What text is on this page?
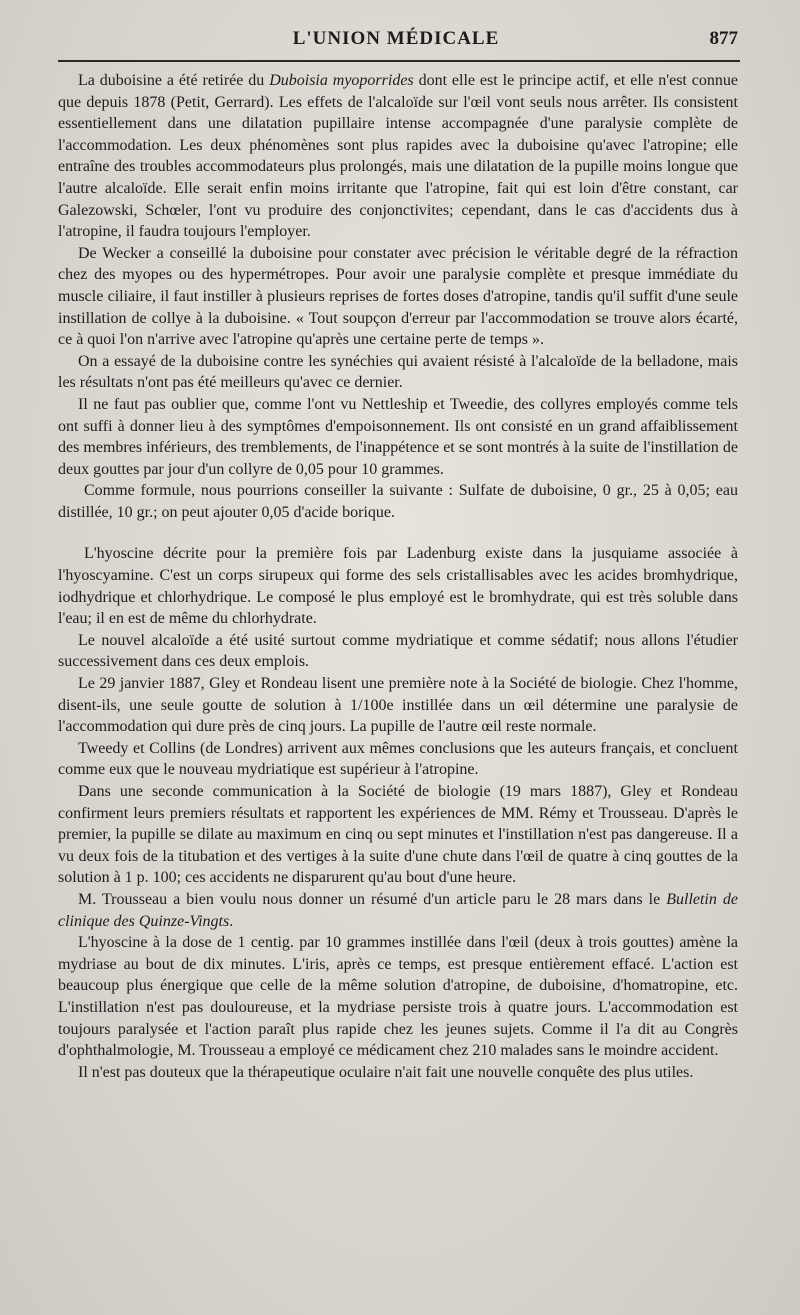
L'UNION MÉDICALE	877

La duboisine a été retirée du Duboisia myoporrides dont elle est le principe actif, et elle n'est connue que depuis 1878 (Petit, Gerrard). Les effets de l'alcaloïde sur l'œil vont seuls nous arrêter. Ils consistent essentiellement dans une dilatation pupillaire intense accompagnée d'une paralysie complète de l'accommodation. Les deux phénomènes sont plus rapides avec la duboisine qu'avec l'atropine; elle entraîne des troubles accommodateurs plus prolongés, mais une dilatation de la pupille moins longue que l'autre alcaloïde. Elle serait enfin moins irritante que l'atropine, fait qui est loin d'être constant, car Galezowski, Schœler, l'ont vu produire des conjonctivites; cependant, dans le cas d'accidents dus à l'atropine, il faudra toujours l'employer.

De Wecker a conseillé la duboisine pour constater avec précision le véritable degré de la réfraction chez des myopes ou des hypermétropes. Pour avoir une paralysie complète et presque immédiate du muscle ciliaire, il faut instiller à plusieurs reprises de fortes doses d'atropine, tandis qu'il suffit d'une seule instillation de collye à la duboisine. « Tout soupçon d'erreur par l'accommodation se trouve alors écarté, ce à quoi l'on n'arrive avec l'atropine qu'après une certaine perte de temps ».

On a essayé de la duboisine contre les synéchies qui avaient résisté à l'alcaloïde de la belladone, mais les résultats n'ont pas été meilleurs qu'avec ce dernier.

Il ne faut pas oublier que, comme l'ont vu Nettleship et Tweedie, des collyres employés comme tels ont suffi à donner lieu à des symptômes d'empoisonnement. Ils ont consisté en un grand affaiblissement des membres inférieurs, des tremblements, de l'inappétence et se sont montrés à la suite de l'instillation de deux gouttes par jour d'un collyre de 0,05 pour 10 grammes.

Comme formule, nous pourrions conseiller la suivante : Sulfate de duboisine, 0 gr., 25 à 0,05; eau distillée, 10 gr.; on peut ajouter 0,05 d'acide borique.

L'hyoscine décrite pour la première fois par Ladenburg existe dans la jusquiame associée à l'hyoscyamine. C'est un corps sirupeux qui forme des sels cristallisables avec les acides bromhydrique, iodhydrique et chlorhydrique. Le composé le plus employé est le bromhydrate, qui est très soluble dans l'eau; il en est de même du chlorhydrate.

Le nouvel alcaloïde a été usité surtout comme mydriatique et comme sédatif; nous allons l'étudier successivement dans ces deux emplois.

Le 29 janvier 1887, Gley et Rondeau lisent une première note à la Société de biologie. Chez l'homme, disent-ils, une seule goutte de solution à 1/100e instillée dans un œil détermine une paralysie de l'accommodation qui dure près de cinq jours. La pupille de l'autre œil reste normale.

Tweedy et Collins (de Londres) arrivent aux mêmes conclusions que les auteurs français, et concluent comme eux que le nouveau mydriatique est supérieur à l'atropine.

Dans une seconde communication à la Société de biologie (19 mars 1887), Gley et Rondeau confirment leurs premiers résultats et rapportent les expériences de MM. Rémy et Trousseau. D'après le premier, la pupille se dilate au maximum en cinq ou sept minutes et l'instillation n'est pas dangereuse. Il a vu deux fois de la titubation et des vertiges à la suite d'une chute dans l'œil de quatre à cinq gouttes de la solution à 1 p. 100; ces accidents ne disparurent qu'au bout d'une heure.

M. Trousseau a bien voulu nous donner un résumé d'un article paru le 28 mars dans le Bulletin de clinique des Quinze-Vingts.

L'hyoscine à la dose de 1 centig. par 10 grammes instillée dans l'œil (deux à trois gouttes) amène la mydriase au bout de dix minutes. L'iris, après ce temps, est presque entièrement effacé. L'action est beaucoup plus énergique que celle de la même solution d'atropine, de duboisine, d'homatropine, etc. L'instillation n'est pas douloureuse, et la mydriase persiste trois à quatre jours. L'accommodation est toujours paralysée et l'action paraît plus rapide chez les jeunes sujets. Comme il l'a dit au Congrès d'ophthalmologie, M. Trousseau a employé ce médicament chez 210 malades sans le moindre accident.

Il n'est pas douteux que la thérapeutique oculaire n'ait fait une nouvelle conquête des plus utiles.
